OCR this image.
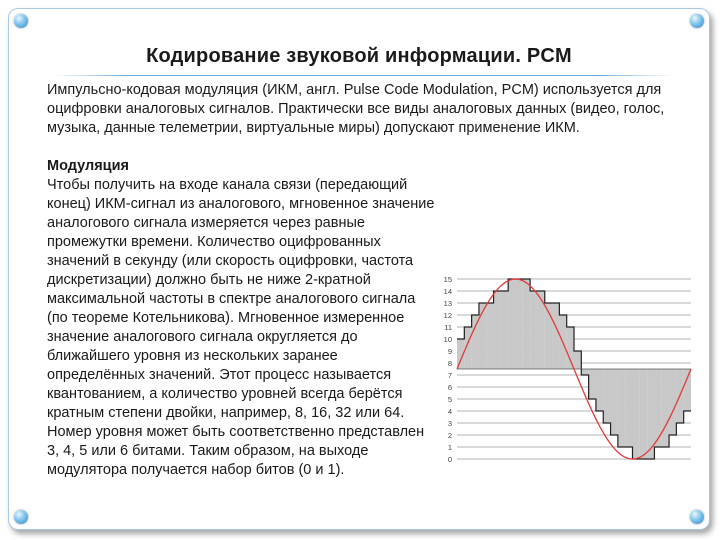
Кодирование звуковой информации. PCM

Импульсно-кодовая модуляция (ИКМ, англ. Pulse Code Modulation, PCM) используется для оцифровки аналоговых сигналов. Практически все виды аналоговых данных (видео, голос, музыка, данные телеметрии, виртуальные миры) допускают применение ИКМ.

Модуляция
Чтобы получить на входе канала связи (передающий конец) ИКМ-сигнал из аналогового, мгновенное значение аналогового сигнала измеряется через равные промежутки времени. Количество оцифрованных значений в секунду (или скорость оцифровки, частота дискретизации) должно быть не ниже 2-кратной максимальной частоты в спектре аналогового сигнала (по теореме Котельникова). Мгновенное измеренное значение аналогового сигнала округляется до ближайшего уровня из нескольких заранее определённых значений. Этот процесс называется квантованием, а количество уровней всегда берётся кратным степени двойки, например, 8, 16, 32 или 64. Номер уровня может быть соответственно представлен 3, 4, 5 или 6 битами. Таким образом, на выходе модулятора получается набор битов (0 и 1).
0
1
2
3
4
5
6
7
8
9
10
11
12
13
14
15
